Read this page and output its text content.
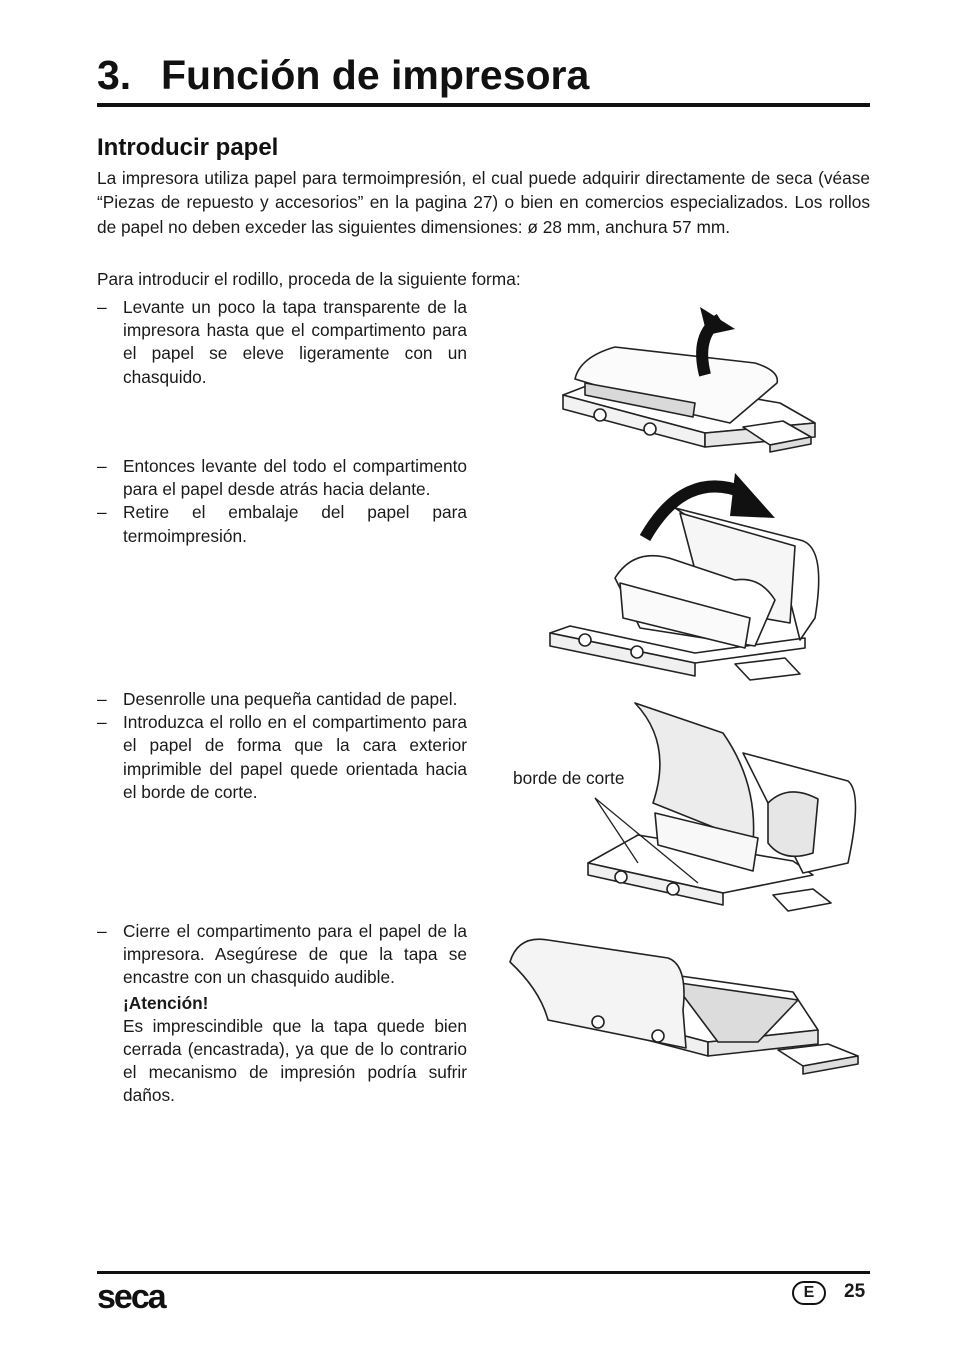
3. Función de impresora
Introducir papel

La impresora utiliza papel para termoimpresión, el cual puede adquirir directamente de seca (véase “Piezas de repuesto y accesorios” en la pagina 27) o bien en comercios especializados. Los rollos de papel no deben exceder las siguientes dimensiones: ø 28 mm, anchura 57 mm.

Para introducir el rodillo, proceda de la siguiente forma:

– Levante un poco la tapa transparente de la impresora hasta que el compartimento para el papel se eleve ligeramente con un chasquido.

– Entonces levante del todo el compartimento para el papel desde atrás hacia delante.

– Retire el embalaje del papel para termoimpresión.

– Desenrolle una pequeña cantidad de papel.

– Introduzca el rollo en el compartimento para el papel de forma que la cara exterior imprimible del papel quede orientada hacia el borde de corte.

– Cierre el compartimento para el papel de la impresora. Asegúrese de que la tapa se encastre con un chasquido audible.

¡Atención!

Es imprescindible que la tapa quede bien cerrada (encastrada), ya que de lo contrario el mecanismo de impresión podría sufrir daños.

borde de corte
seca	E	25
